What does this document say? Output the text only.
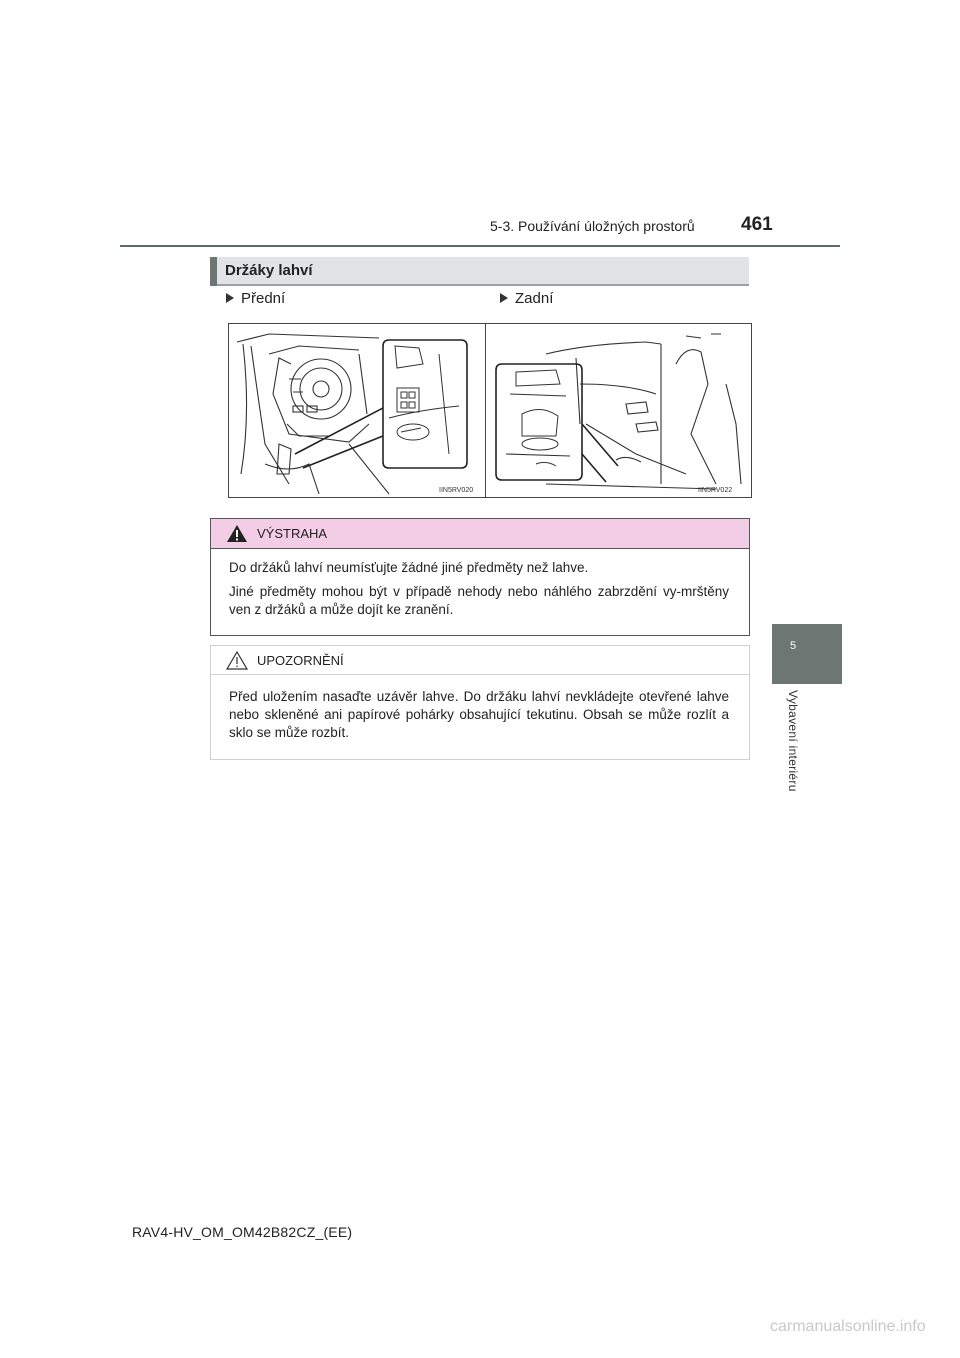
5-3. Používání úložných prostorů 461
5
Vybavení interiéru
Držáky lahví
Přední	Zadní
IIN5RV020	IIN5RV022
VÝSTRAHA

Do držáků lahví neumísťujte žádné jiné předměty než lahve.

Jiné předměty mohou být v případě nehody nebo náhlého zabrzdění vy-mrštěny ven z držáků a může dojít ke zranění.

UPOZORNĚNÍ

Před uložením nasaďte uzávěr lahve. Do držáku lahví nevkládejte otevřené lahve nebo skleněné ani papírové pohárky obsahující tekutinu. Obsah se může rozlít a sklo se může rozbít.

RAV4-HV_OM_OM42B82CZ_(EE)
carmanualsonline.info
